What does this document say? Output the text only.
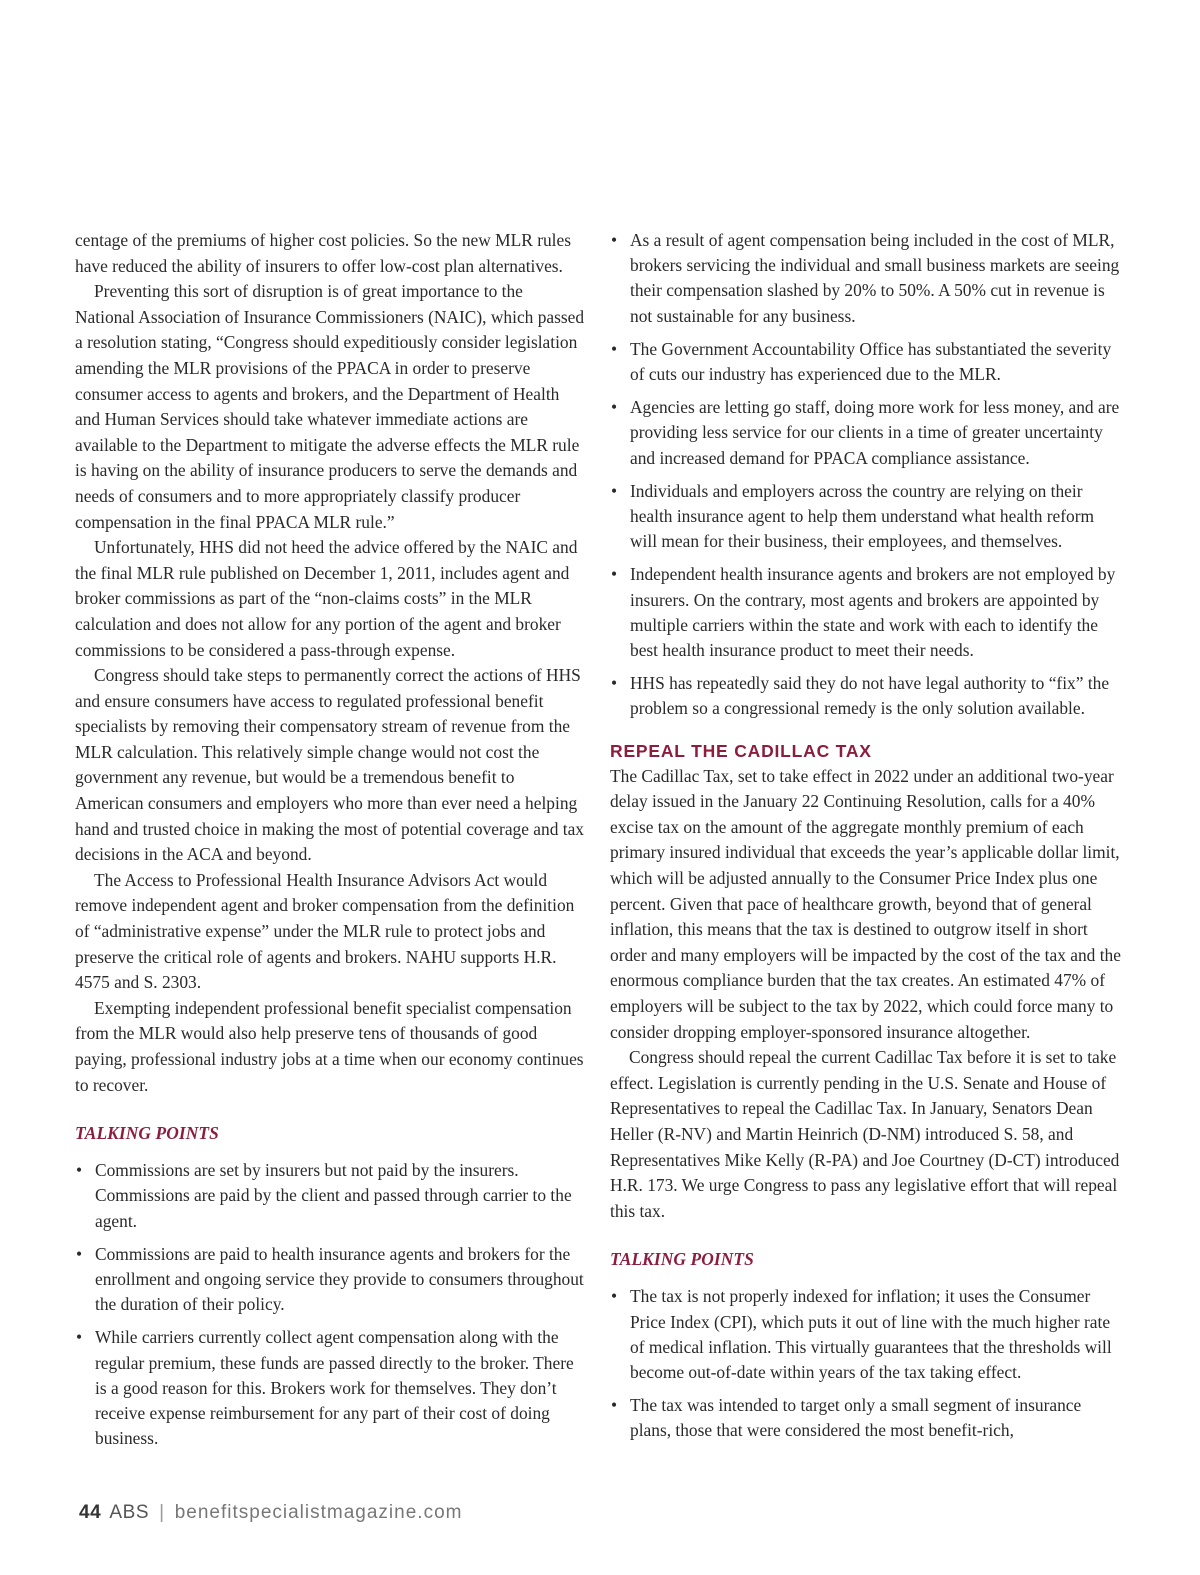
centage of the premiums of higher cost policies. So the new MLR rules have reduced the ability of insurers to offer low-cost plan alternatives.

Preventing this sort of disruption is of great importance to the National Association of Insurance Commissioners (NAIC), which passed a resolution stating, “Congress should expeditiously consider legislation amending the MLR provisions of the PPACA in order to preserve consumer access to agents and brokers, and the Department of Health and Human Services should take whatever immediate actions are available to the Department to mitigate the adverse effects the MLR rule is having on the ability of insurance producers to serve the demands and needs of consumers and to more appropriately classify producer compensation in the final PPACA MLR rule.”

Unfortunately, HHS did not heed the advice offered by the NAIC and the final MLR rule published on December 1, 2011, includes agent and broker commissions as part of the “non-claims costs” in the MLR calculation and does not allow for any portion of the agent and broker commissions to be considered a pass-through expense.

Congress should take steps to permanently correct the actions of HHS and ensure consumers have access to regulated professional benefit specialists by removing their compensatory stream of revenue from the MLR calculation. This relatively simple change would not cost the government any revenue, but would be a tremendous benefit to American consumers and employers who more than ever need a helping hand and trusted choice in making the most of potential coverage and tax decisions in the ACA and beyond.

The Access to Professional Health Insurance Advisors Act would remove independent agent and broker compensation from the definition of “administrative expense” under the MLR rule to protect jobs and preserve the critical role of agents and brokers. NAHU supports H.R. 4575 and S. 2303.

Exempting independent professional benefit specialist compensation from the MLR would also help preserve tens of thousands of good paying, professional industry jobs at a time when our economy continues to recover.

TALKING POINTS
• Commissions are set by insurers but not paid by the insurers. Commissions are paid by the client and passed through carrier to the agent.
• Commissions are paid to health insurance agents and brokers for the enrollment and ongoing service they provide to consumers throughout the duration of their policy.
• While carriers currently collect agent compensation along with the regular premium, these funds are passed directly to the broker. There is a good reason for this. Brokers work for themselves. They don’t receive expense reimbursement for any part of their cost of doing business.
• As a result of agent compensation being included in the cost of MLR, brokers servicing the individual and small business markets are seeing their compensation slashed by 20% to 50%. A 50% cut in revenue is not sustainable for any business.
• The Government Accountability Office has substantiated the severity of cuts our industry has experienced due to the MLR.
• Agencies are letting go staff, doing more work for less money, and are providing less service for our clients in a time of greater uncertainty and increased demand for PPACA compliance assistance.
• Individuals and employers across the country are relying on their health insurance agent to help them understand what health reform will mean for their business, their employees, and themselves.
• Independent health insurance agents and brokers are not employed by insurers. On the contrary, most agents and brokers are appointed by multiple carriers within the state and work with each to identify the best health insurance product to meet their needs.
• HHS has repeatedly said they do not have legal authority to “fix” the problem so a congressional remedy is the only solution available.
REPEAL THE CADILLAC TAX

The Cadillac Tax, set to take effect in 2022 under an additional two-year delay issued in the January 22 Continuing Resolution, calls for a 40% excise tax on the amount of the aggregate monthly premium of each primary insured individual that exceeds the year’s applicable dollar limit, which will be adjusted annually to the Consumer Price Index plus one percent. Given that pace of healthcare growth, beyond that of general inflation, this means that the tax is destined to outgrow itself in short order and many employers will be impacted by the cost of the tax and the enormous compliance burden that the tax creates. An estimated 47% of employers will be subject to the tax by 2022, which could force many to consider dropping employer-sponsored insurance altogether.

Congress should repeal the current Cadillac Tax before it is set to take effect. Legislation is currently pending in the U.S. Senate and House of Representatives to repeal the Cadillac Tax. In January, Senators Dean Heller (R-NV) and Martin Heinrich (D-NM) introduced S. 58, and Representatives Mike Kelly (R-PA) and Joe Courtney (D-CT) introduced H.R. 173. We urge Congress to pass any legislative effort that will repeal this tax.

TALKING POINTS
• The tax is not properly indexed for inflation; it uses the Consumer Price Index (CPI), which puts it out of line with the much higher rate of medical inflation. This virtually guarantees that the thresholds will become out-of-date within years of the tax taking effect.
• The tax was intended to target only a small segment of insurance plans, those that were considered the most benefit-rich,
44 ABS | benefitspecialistmagazine.com
